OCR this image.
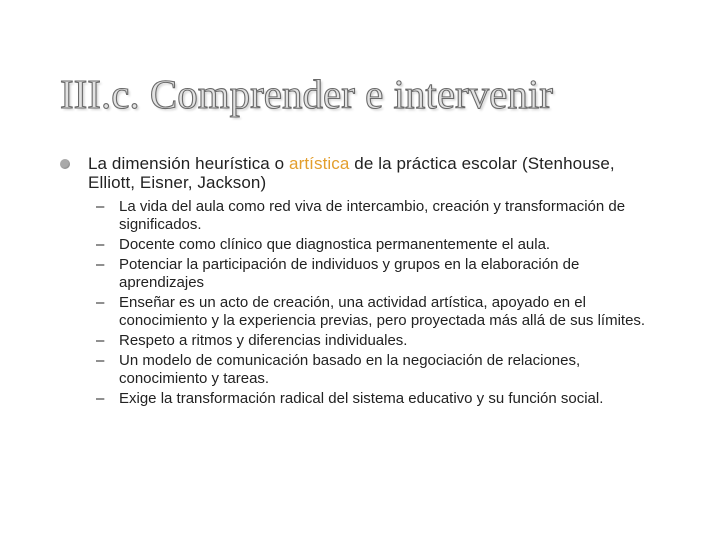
III.c. Comprender e intervenir
La dimensión heurística o artística de la práctica escolar (Stenhouse, Elliott, Eisner, Jackson)
– La vida del aula como red viva de intercambio, creación y transformación de significados.
– Docente como clínico que diagnostica permanentemente el aula.
– Potenciar la participación de individuos y grupos en la elaboración de aprendizajes
– Enseñar es un acto de creación, una actividad artística, apoyado en el conocimiento y la experiencia previas, pero proyectada más allá de sus límites.
– Respeto a ritmos y diferencias individuales.
– Un modelo de comunicación basado en la negociación de relaciones, conocimiento y tareas.
– Exige la transformación radical del sistema educativo y su función social.
